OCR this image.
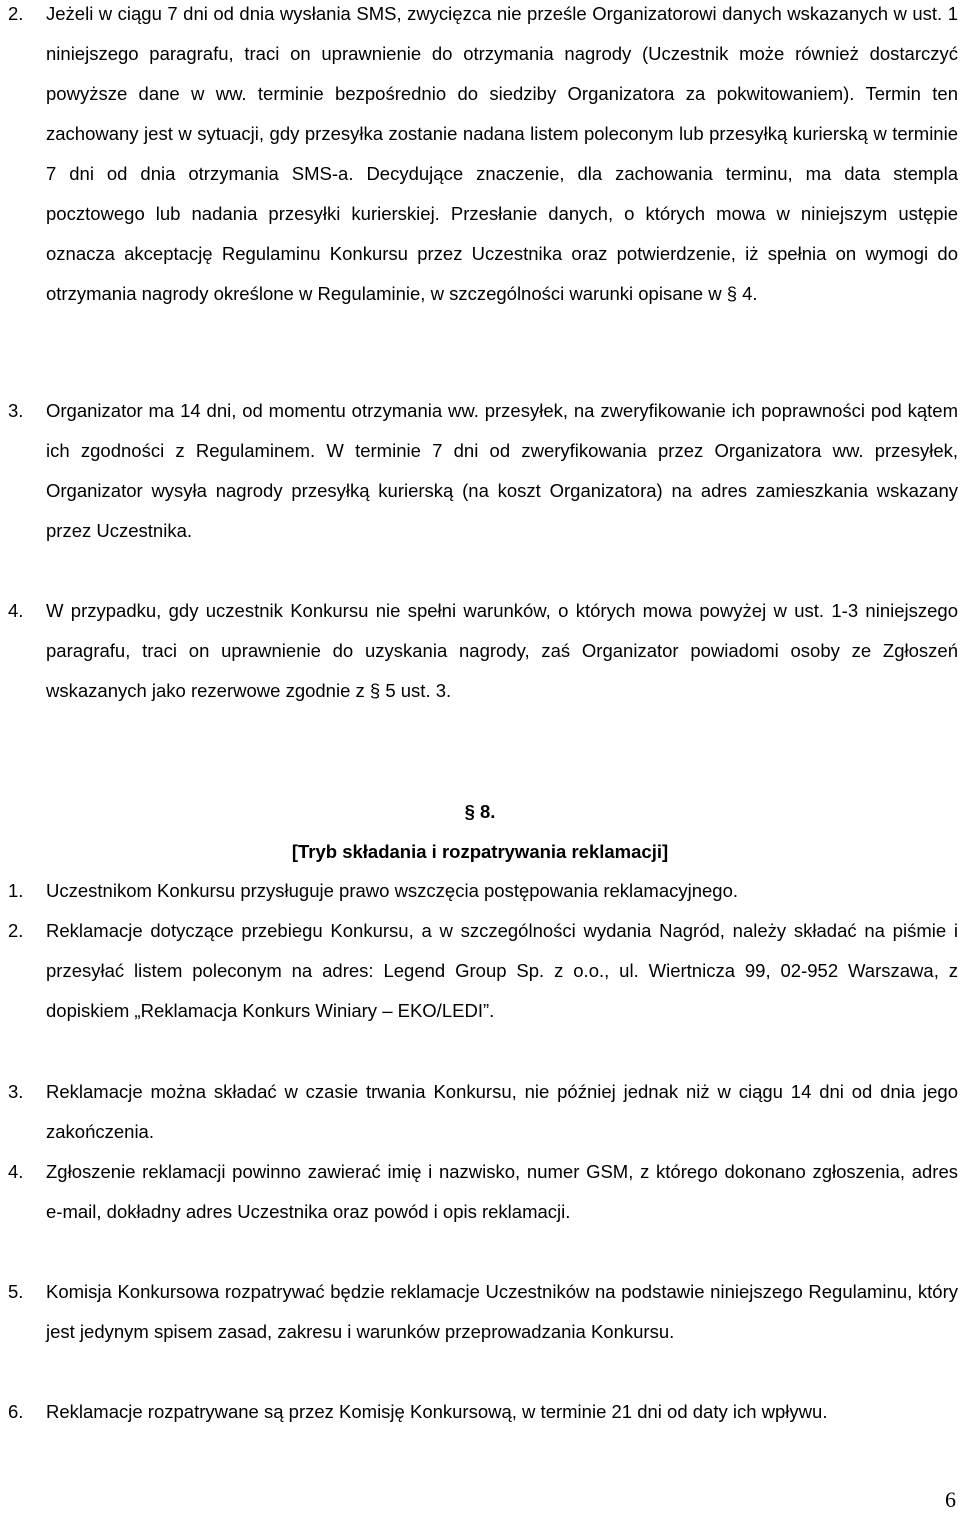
2.	Jeżeli w ciągu 7 dni od dnia wysłania SMS, zwycięzca nie prześle Organizatorowi danych wskazanych w ust. 1 niniejszego paragrafu, traci on uprawnienie do otrzymania nagrody (Uczestnik może również dostarczyć powyższe dane w ww. terminie bezpośrednio do siedziby Organizatora za pokwitowaniem). Termin ten zachowany jest w sytuacji, gdy przesyłka zostanie nadana listem poleconym lub przesyłką kurierską w terminie 7 dni od dnia otrzymania SMS-a. Decydujące znaczenie, dla zachowania terminu, ma data stempla pocztowego lub nadania przesyłki kurierskiej. Przesłanie danych, o których mowa w niniejszym ustępie oznacza akceptację Regulaminu Konkursu przez Uczestnika oraz potwierdzenie, iż spełnia on wymogi do otrzymania nagrody określone w Regulaminie, w szczególności warunki opisane w § 4.
3.	Organizator ma 14 dni, od momentu otrzymania ww. przesyłek, na zweryfikowanie ich poprawności pod kątem ich zgodności z Regulaminem. W terminie 7 dni od zweryfikowania przez Organizatora ww. przesyłek, Organizator wysyła nagrody przesyłką kurierską (na koszt Organizatora) na adres zamieszkania wskazany przez Uczestnika.
4.	W przypadku, gdy uczestnik Konkursu nie spełni warunków, o których mowa powyżej w ust. 1-3 niniejszego paragrafu, traci on uprawnienie do uzyskania nagrody, zaś Organizator powiadomi osoby ze Zgłoszeń wskazanych jako rezerwowe zgodnie z § 5 ust. 3.
§ 8.
[Tryb składania i rozpatrywania reklamacji]
1.	Uczestnikom Konkursu przysługuje prawo wszczęcia postępowania reklamacyjnego.
2.	Reklamacje dotyczące przebiegu Konkursu, a w szczególności wydania Nagród, należy składać na piśmie i przesyłać listem poleconym na adres: Legend Group Sp. z o.o., ul. Wiertnicza 99, 02-952 Warszawa, z dopiskiem „Reklamacja Konkurs Winiary – EKO/LEDI”.
3.	Reklamacje można składać w czasie trwania Konkursu, nie później jednak niż w ciągu 14 dni od dnia jego zakończenia.
4.	Zgłoszenie reklamacji powinno zawierać imię i nazwisko, numer GSM, z którego dokonano zgłoszenia, adres e-mail, dokładny adres Uczestnika oraz powód i opis reklamacji.
5.	Komisja Konkursowa rozpatrywać będzie reklamacje Uczestników na podstawie niniejszego Regulaminu, który jest jedynym spisem zasad, zakresu i warunków przeprowadzania Konkursu.
6.	Reklamacje rozpatrywane są przez Komisję Konkursową, w terminie 21 dni od daty ich wpływu.
6
